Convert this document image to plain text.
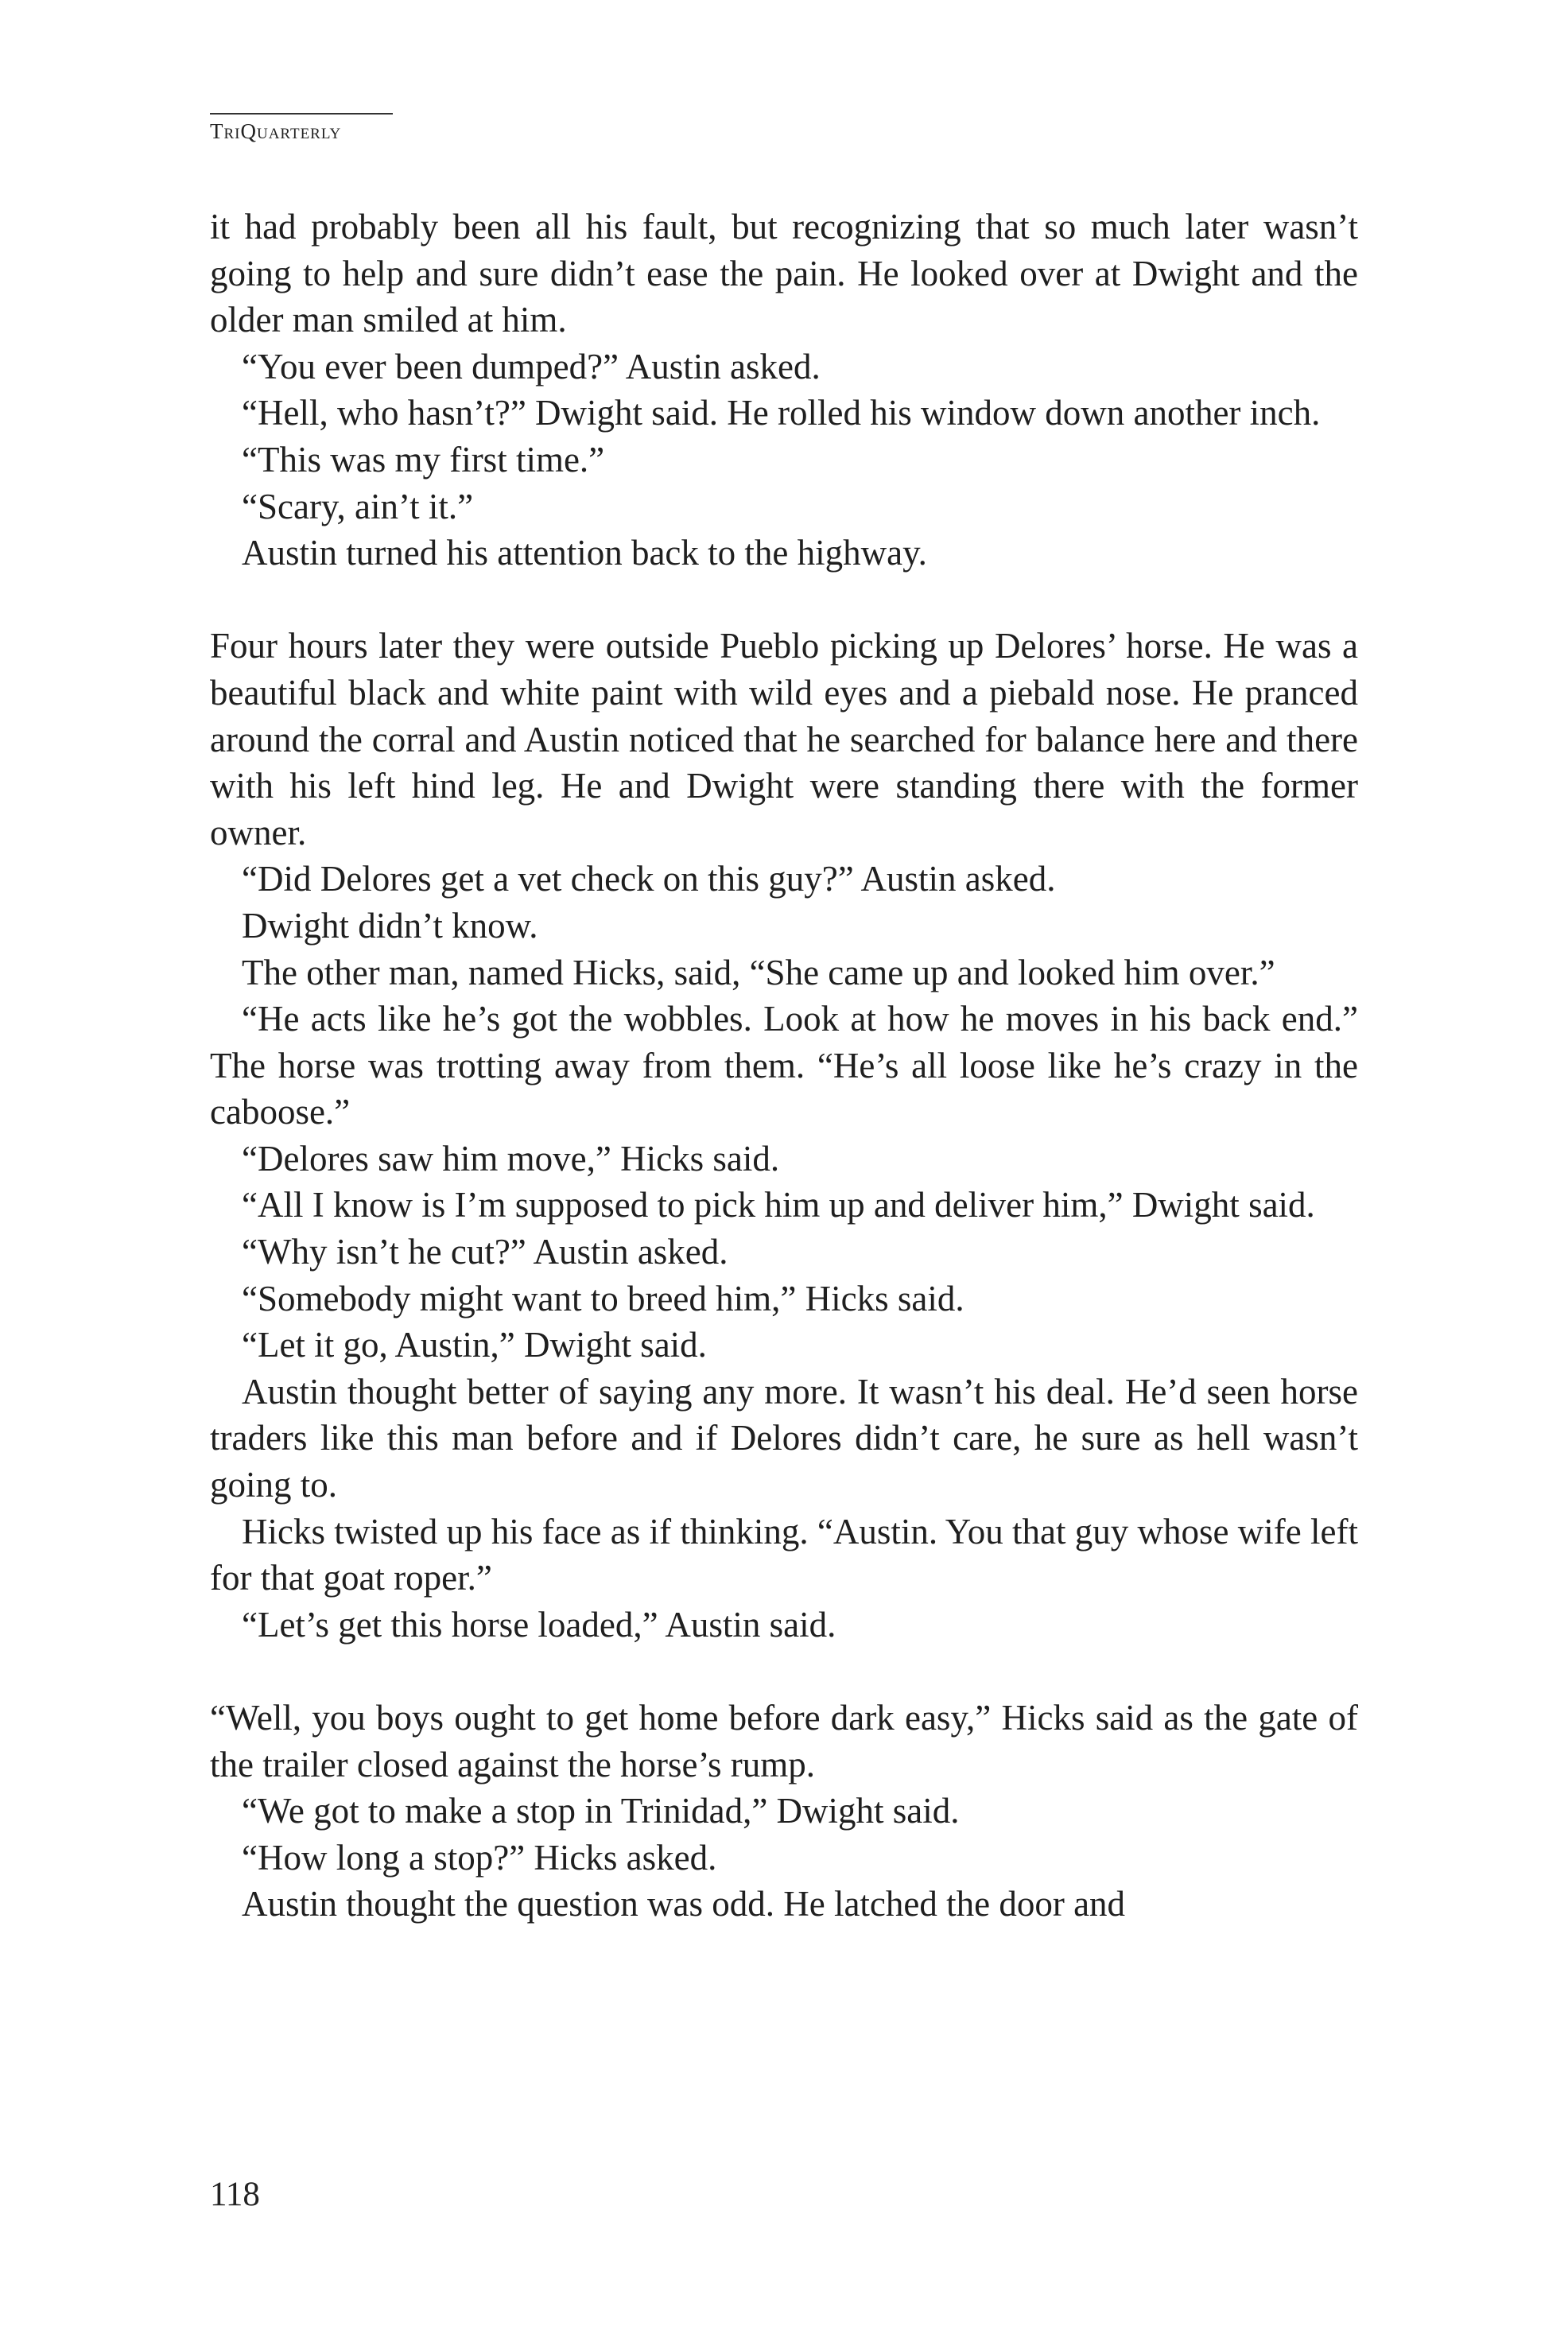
TriQuarterly

it had probably been all his fault, but recognizing that so much later wasn’t going to help and sure didn’t ease the pain. He looked over at Dwight and the older man smiled at him.

“You ever been dumped?” Austin asked.

“Hell, who hasn’t?” Dwight said. He rolled his window down another inch.

“This was my first time.”

“Scary, ain’t it.”

Austin turned his attention back to the highway.

Four hours later they were outside Pueblo picking up Delores’ horse. He was a beautiful black and white paint with wild eyes and a piebald nose. He pranced around the corral and Austin noticed that he searched for balance here and there with his left hind leg. He and Dwight were standing there with the former owner.

“Did Delores get a vet check on this guy?” Austin asked.

Dwight didn’t know.

The other man, named Hicks, said, “She came up and looked him over.”

“He acts like he’s got the wobbles. Look at how he moves in his back end.” The horse was trotting away from them. “He’s all loose like he’s crazy in the caboose.”

“Delores saw him move,” Hicks said.

“All I know is I’m supposed to pick him up and deliver him,” Dwight said.

“Why isn’t he cut?” Austin asked.

“Somebody might want to breed him,” Hicks said.

“Let it go, Austin,” Dwight said.

Austin thought better of saying any more. It wasn’t his deal. He’d seen horse traders like this man before and if Delores didn’t care, he sure as hell wasn’t going to.

Hicks twisted up his face as if thinking. “Austin. You that guy whose wife left for that goat roper.”

“Let’s get this horse loaded,” Austin said.

“Well, you boys ought to get home before dark easy,” Hicks said as the gate of the trailer closed against the horse’s rump.

“We got to make a stop in Trinidad,” Dwight said.

“How long a stop?” Hicks asked.

Austin thought the question was odd. He latched the door and

118
